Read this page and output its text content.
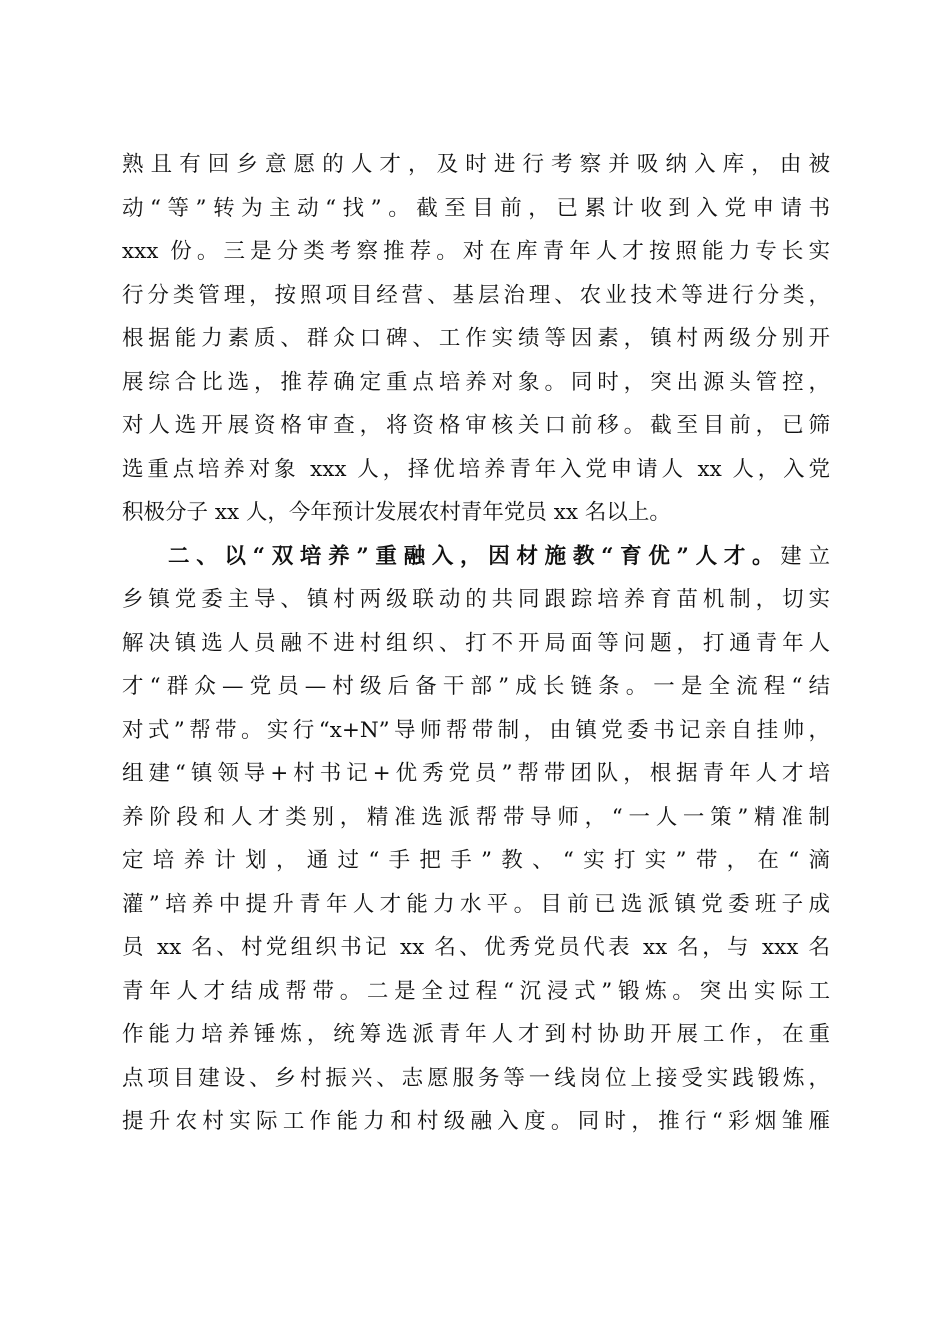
熟且有回乡意愿的人才，及时进行考察并吸纳入库，由被
动“等”转为主动“找”。截至目前，已累计收到入党申请书
xxx 份。三是分类考察推荐。对在库青年人才按照能力专长实
行分类管理，按照项目经营、基层治理、农业技术等进行分类，
根据能力素质、群众口碑、工作实绩等因素，镇村两级分别开
展综合比选，推荐确定重点培养对象。同时，突出源头管控，
对人选开展资格审查，将资格审核关口前移。截至目前，已筛
选重点培养对象 xxx 人，择优培养青年入党申请人 xx 人，入党
积极分子 xx 人，今年预计发展农村青年党员 xx 名以上。
二、以“双培养”重融入，因材施教“育优”人才。建立
乡镇党委主导、镇村两级联动的共同跟踪培养育苗机制，切实
解决镇选人员融不进村组织、打不开局面等问题，打通青年人
才“群众—党员—村级后备干部”成长链条。一是全流程“结
对式”帮带。实行“x+N”导师帮带制，由镇党委书记亲自挂帅，
组建“镇领导+村书记+优秀党员”帮带团队，根据青年人才培
养阶段和人才类别，精准选派帮带导师，“一人一策”精准制
定培养计划，通过“手把手”教、“实打实”带，在“滴
灌”培养中提升青年人才能力水平。目前已选派镇党委班子成
员 xx 名、村党组织书记 xx 名、优秀党员代表 xx 名，与 xxx 名
青年人才结成帮带。二是全过程“沉浸式”锻炼。突出实际工
作能力培养锤炼，统筹选派青年人才到村协助开展工作，在重
点项目建设、乡村振兴、志愿服务等一线岗位上接受实践锻炼，
提升农村实际工作能力和村级融入度。同时，推行“彩烟雏雁
